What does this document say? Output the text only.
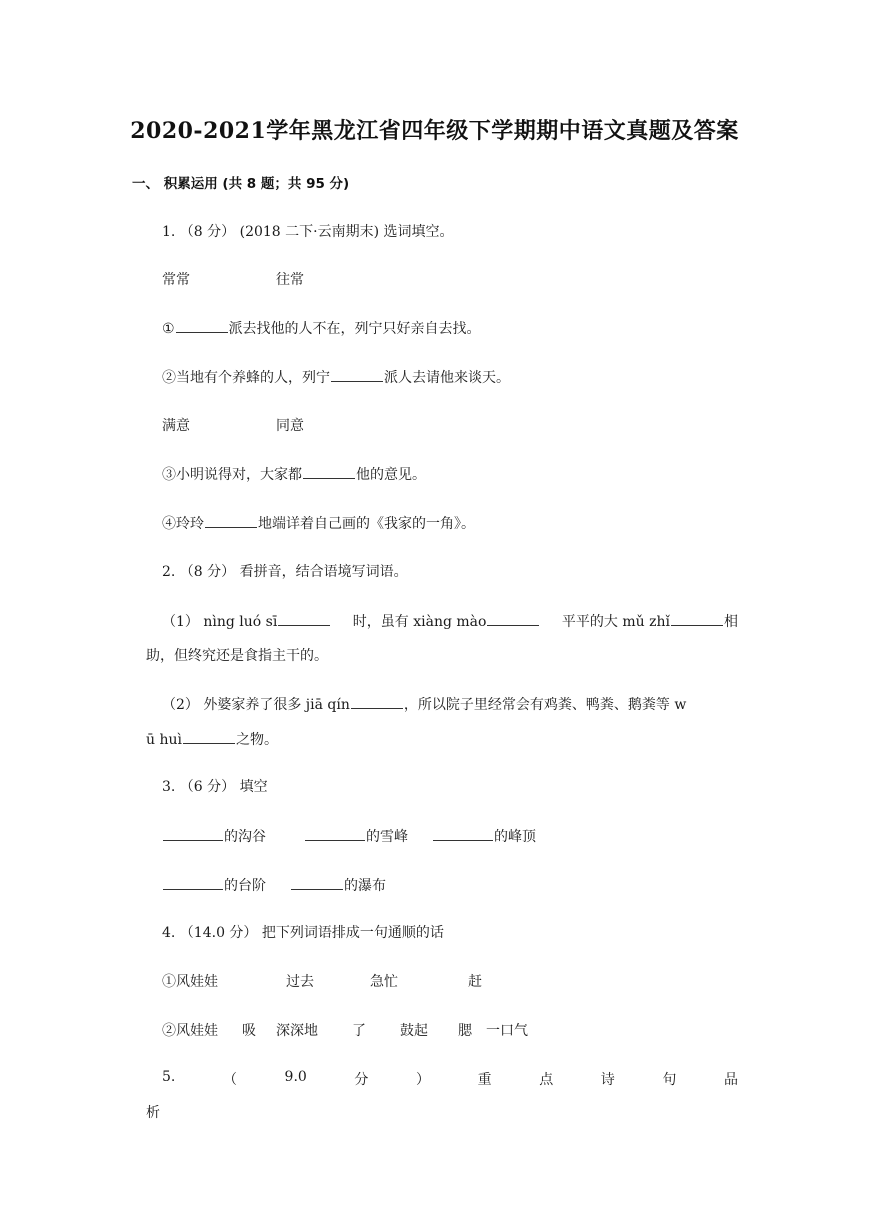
2020-2021学年黑龙江省四年级下学期期中语文真题及答案
一、 积累运用 (共 8 题；共 95 分)
1. （8 分） (2018 二下·云南期末) 选词填空。
常常	往常
①	派去找他的人不在，列宁只好亲自去找。
②当地有个养蜂的人，列宁	派人去请他来谈天。
满意	同意
③小明说得对，大家都	他的意见。
④玲玲	地端详着自己画的《我家的一角》。
2. （8 分） 看拼音，结合语境写词语。
（1） nìng luó sī	时，虽有 xiàng mào	平平的大 mǔ zhǐ	相
助，但终究还是食指主干的。
（2） 外婆家养了很多 jiā qín	，所以院子里经常会有鸡粪、鸭粪、鹅粪等 w
ū huì	之物。
3. （6 分） 填空
的沟谷	的雪峰	的峰顶
的台阶	的瀑布
4. （14.0 分） 把下列词语排成一句通顺的话
①风娃娃	过去	急忙	赶
②风娃娃 吸 深深地 了 鼓起 腮 一口气
5.	（	9.0	分	）	重	点	诗	句	品
析
